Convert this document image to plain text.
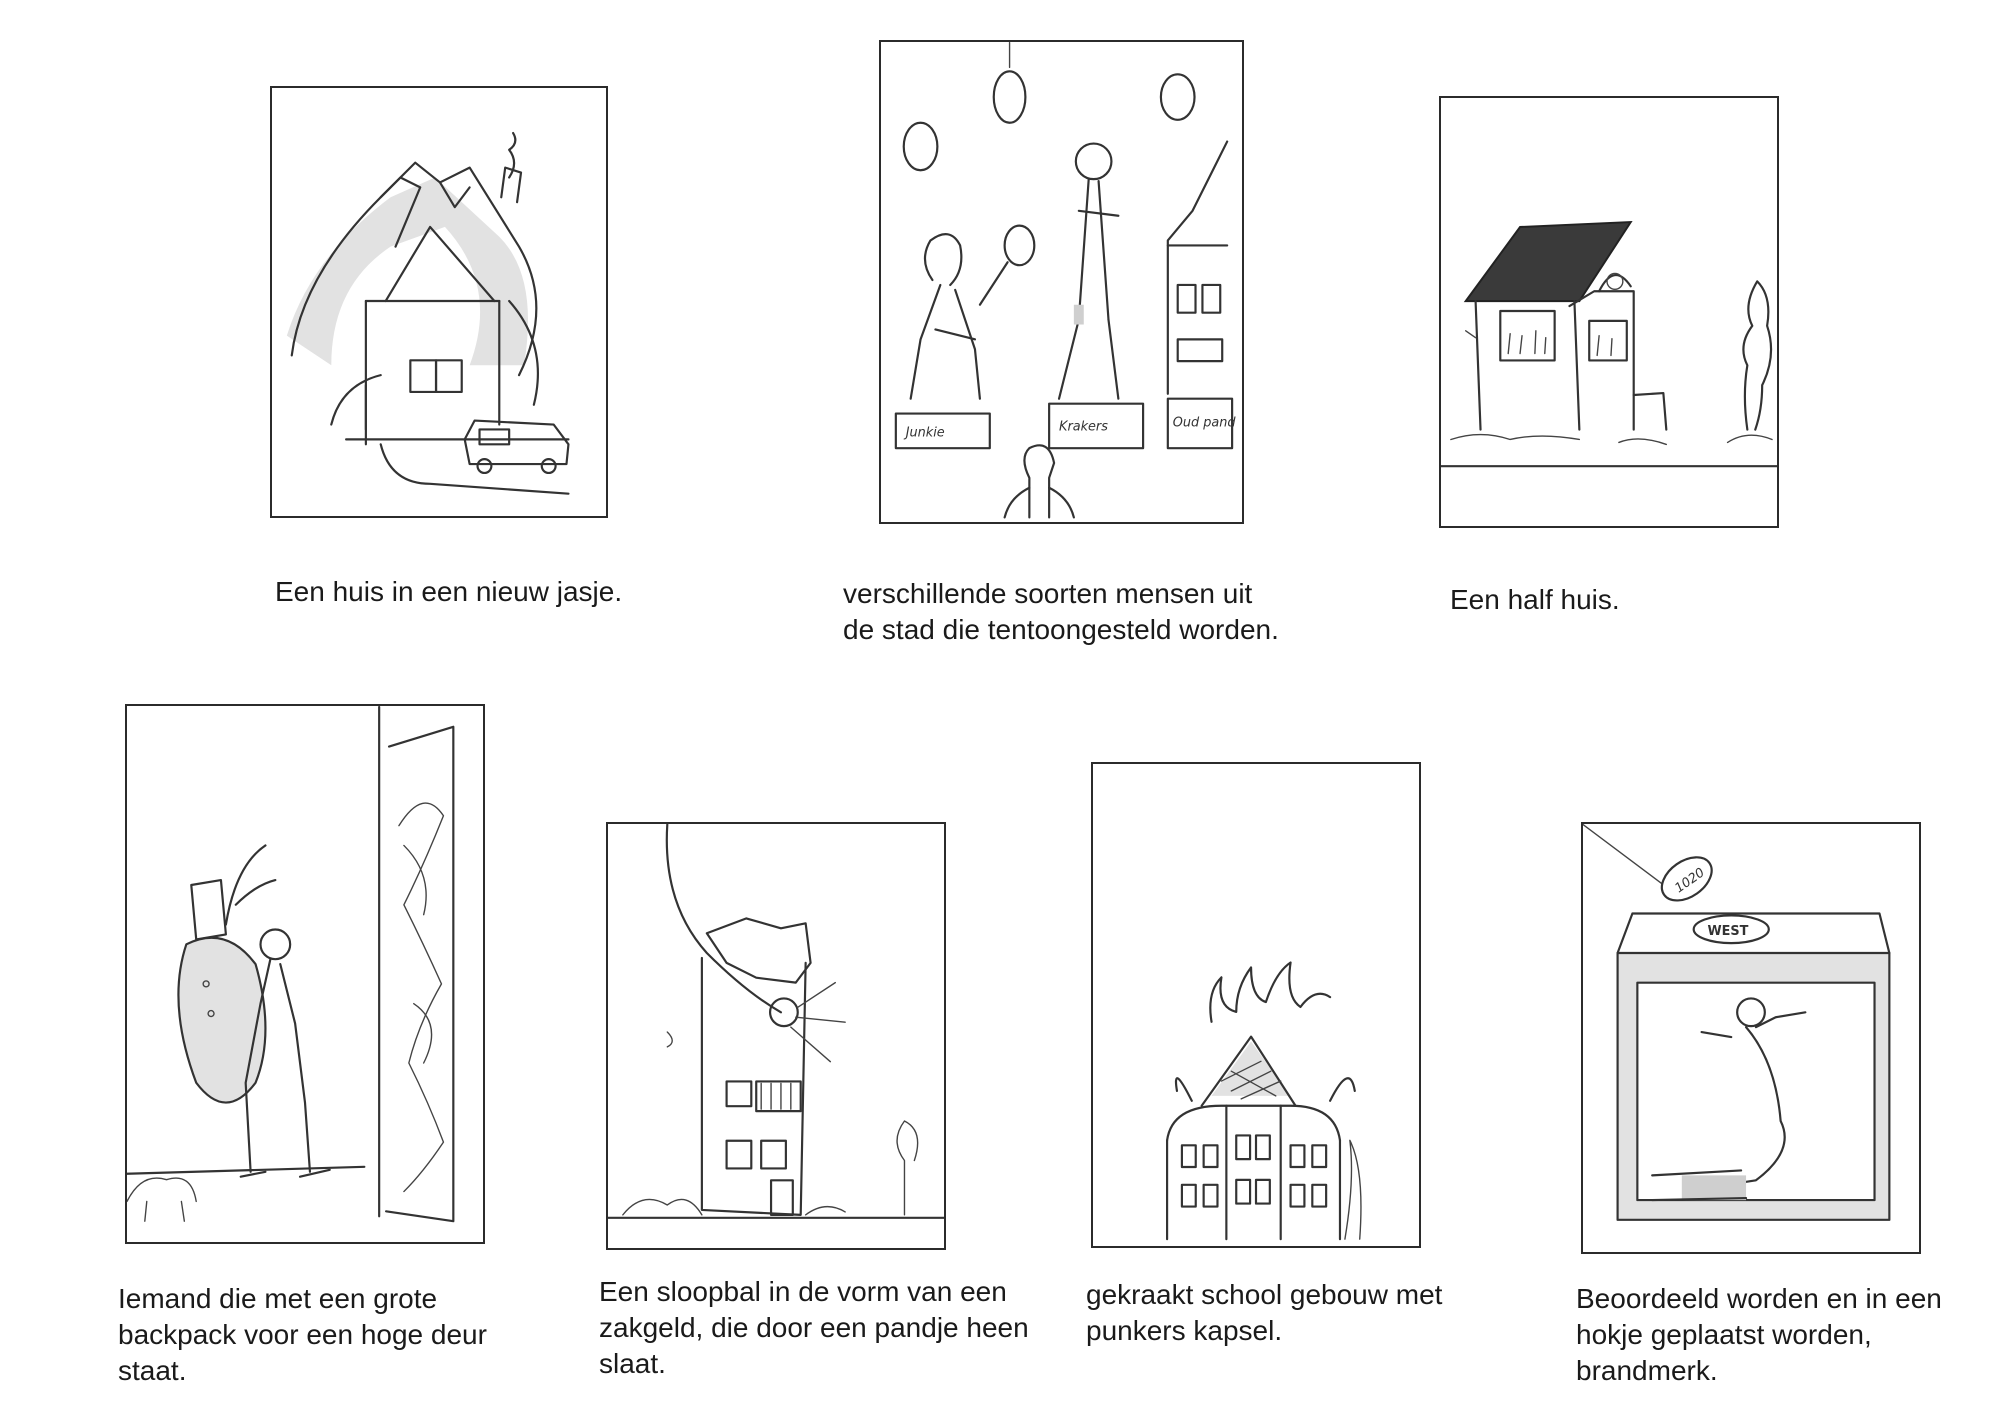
Een huis in een nieuw jasje.
Junkie	Krakers	Oud pand
verschillende soorten mensen uit
de stad die tentoongesteld worden.
Een half huis.
Iemand die met een grote
backpack voor een hoge deur
staat.
Een sloopbal in de vorm van een
zakgeld, die door een pandje heen
slaat.
gekraakt school gebouw met
punkers kapsel.
1020
WEST
Beoordeeld worden en in een
hokje geplaatst worden,
brandmerk.
